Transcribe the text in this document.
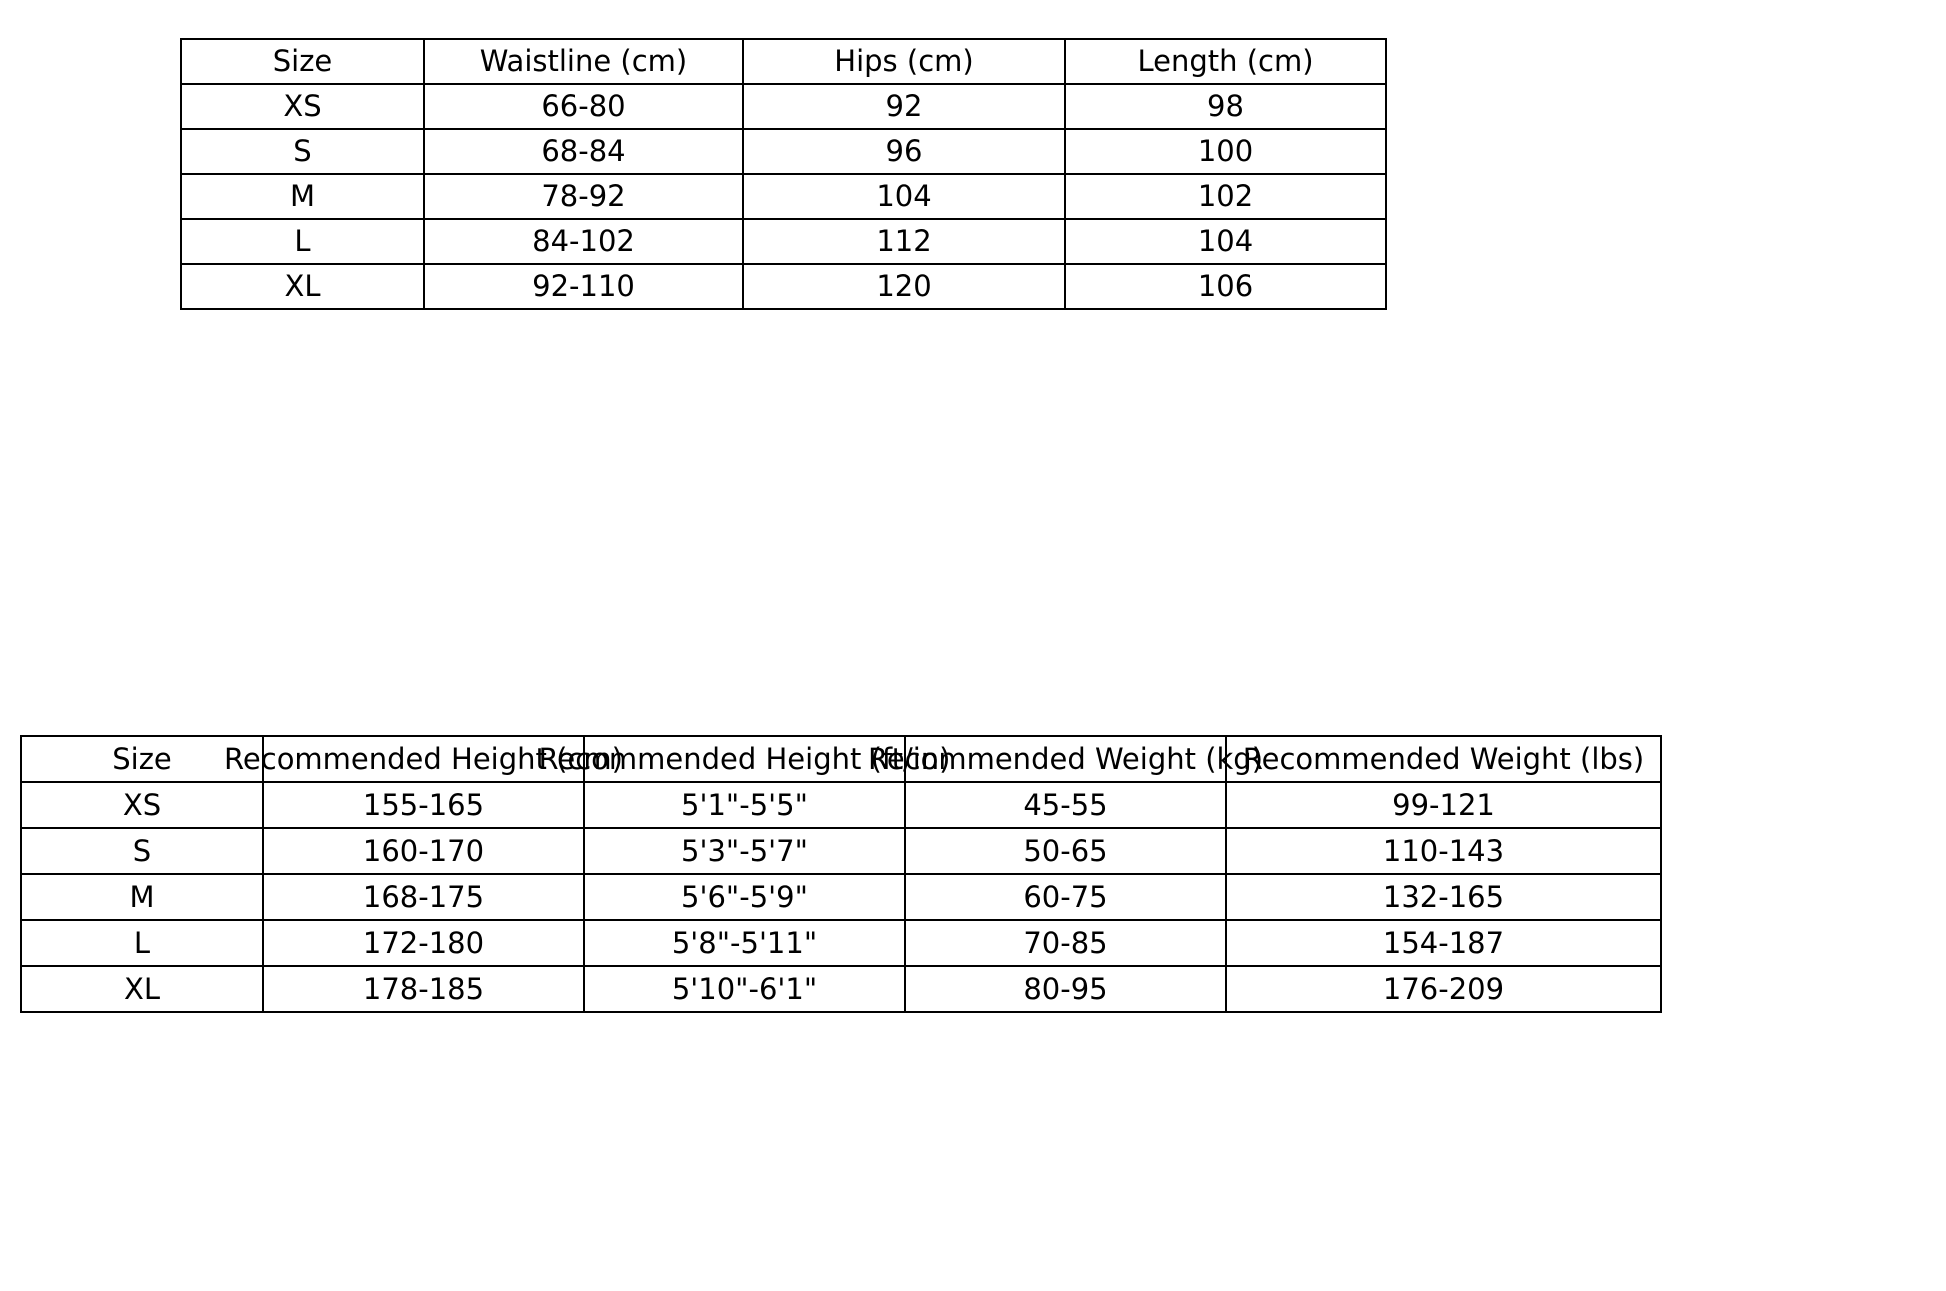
Size	Waistline (cm)	Hips (cm)	Length (cm)
XS	66-80	92	98
S	68-84	96	100
M	78-92	104	102
L	84-102	112	104
XL	92-110	120	106
Size	Recommended Height (cm)	Recommended Height (ft/in)	Recommended Weight (kg)	Recommended Weight (lbs)

XS	155-165	5'1"-5'5"	45-55	99-121
S	160-170	5'3"-5'7"	50-65	110-143
M	168-175	5'6"-5'9"	60-75	132-165
L	172-180	5'8"-5'11"	70-85	154-187
XL	178-185	5'10"-6'1"	80-95	176-209
